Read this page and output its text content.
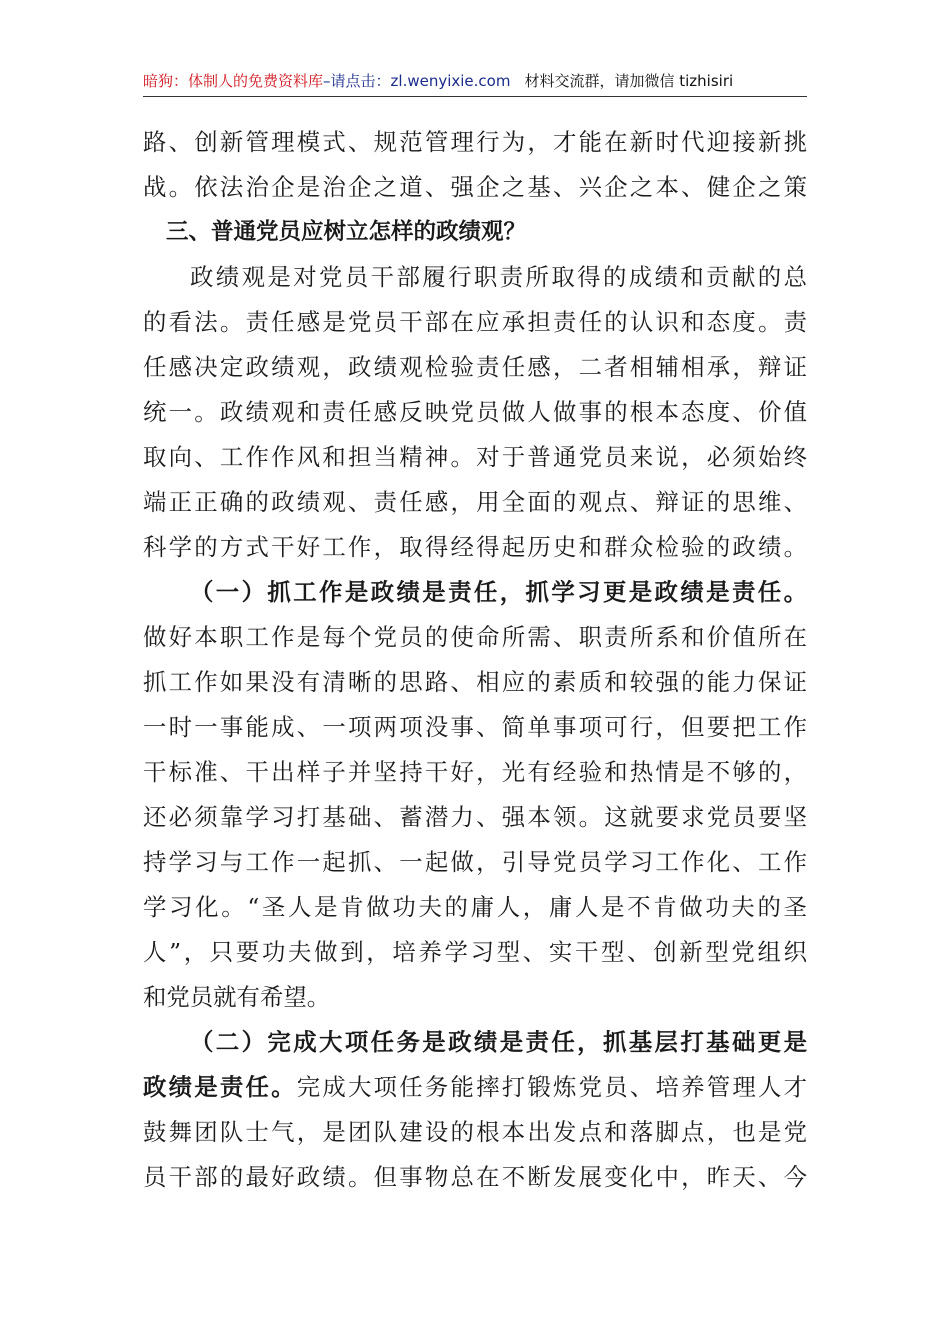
暗狗：体制人的免费资料库–请点击：zl.wenyixie.com 材料交流群，请加微信 tizhisiri
路、创新管理模式、规范管理行为，才能在新时代迎接新挑
战。依法治企是治企之道、强企之基、兴企之本、健企之策
三、普通党员应树立怎样的政绩观？
政绩观是对党员干部履行职责所取得的成绩和贡献的总
的看法。责任感是党员干部在应承担责任的认识和态度。责
任感决定政绩观，政绩观检验责任感，二者相辅相承，辩证
统一。政绩观和责任感反映党员做人做事的根本态度、价值
取向、工作作风和担当精神。对于普通党员来说，必须始终
端正正确的政绩观、责任感，用全面的观点、辩证的思维、
科学的方式干好工作，取得经得起历史和群众检验的政绩。
（一）抓工作是政绩是责任，抓学习更是政绩是责任。
做好本职工作是每个党员的使命所需、职责所系和价值所在
抓工作如果没有清晰的思路、相应的素质和较强的能力保证
一时一事能成、一项两项没事、简单事项可行，但要把工作
干标准、干出样子并坚持干好，光有经验和热情是不够的，
还必须靠学习打基础、蓄潜力、强本领。这就要求党员要坚
持学习与工作一起抓、一起做，引导党员学习工作化、工作
学习化。“圣人是肯做功夫的庸人，庸人是不肯做功夫的圣
人”，只要功夫做到，培养学习型、实干型、创新型党组织
和党员就有希望。
（二）完成大项任务是政绩是责任，抓基层打基础更是
政绩是责任。完成大项任务能摔打锻炼党员、培养管理人才
鼓舞团队士气，是团队建设的根本出发点和落脚点，也是党
员干部的最好政绩。但事物总在不断发展变化中，昨天、今
